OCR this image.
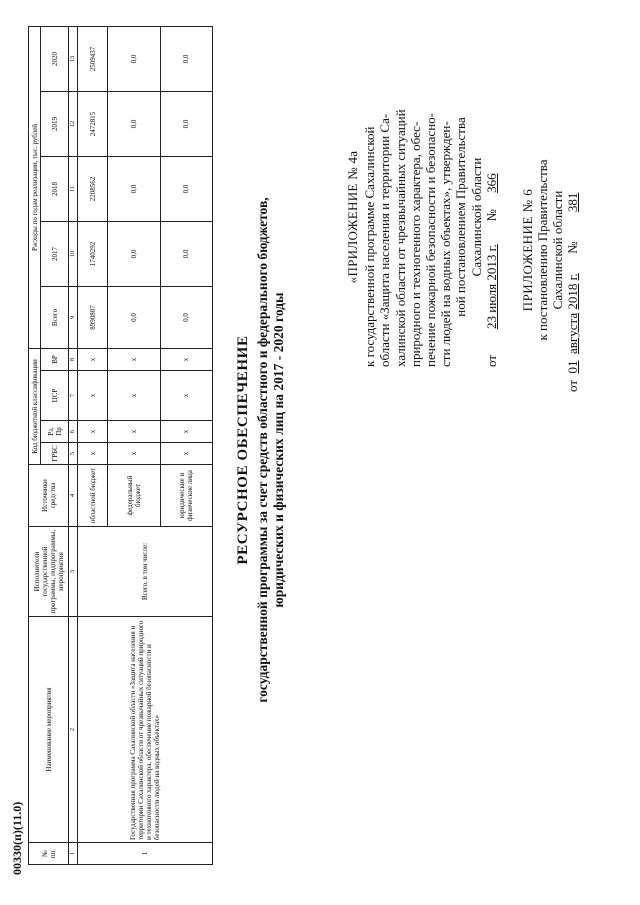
ПРИЛОЖЕНИЕ № 6 к постановлению Правительства Сахалинской области

от  01  августа 2018 г.      №         381

«ПРИЛОЖЕНИЕ № 4а к государственной программе Сахалинской области «Защита населения и территории Са- халинской области от чрезвычайных ситуаций природного и техногенного характера, обес- печение пожарной безопасности и безопасно- сти людей на водных объектах», утвержден- ной постановлением Правительства Сахалинской области

от        23 июля 2013 г.       №     366

РЕСУРСНОЕ ОБЕСПЕЧЕНИЕ государственной программы за счет средств областного и федерального бюджетов, юридических и физических лиц на 2017 - 2020 годы

№ пп.	Наименование мероприятия	Исполнители государственной программы, подпрограммы, мероприятия	Источники средства	Код бюджетной классификации				Расходы по годам реализации, тыс. рублей				
				ГРБС	Рз, Пр	ЦСР	ВР	Всего	2017	2018	2019	2020

1	2	3	4	5	6	7	8	9	10	11	12	13
1	Государственная программа Сахалинской области «Защита населения и территории Сахалинской области от чрезвычайных ситуаций природного и техногенного характера, обеспечение пожарной безопасности и безопасности людей на водных объектах»	Всего, в том числе:	областной бюджет	x	x	x	x	8990807	1740292	2208562	2472815	2509437
			федеральный бюджет	x	x	x	x	0,0	0,0	0,0	0,0	0,0
			юридические и физические лица	x	x	x	x	0,0	0,0	0,0	0,0	0,0
00330(п)(11.0)
